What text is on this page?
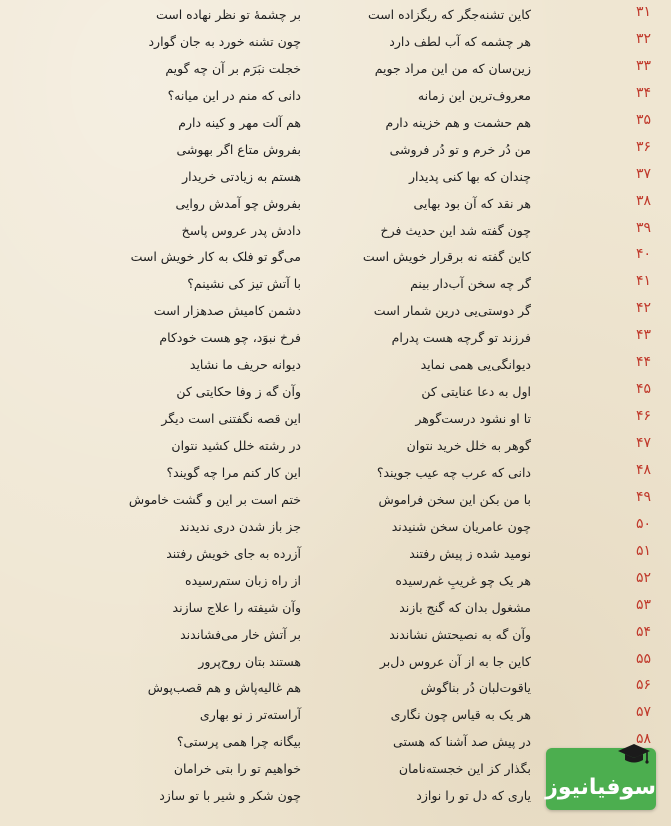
۳۱
کاین تشنه‌جگر که ریگزاده است
بر چشمهٔ تو نظر نهاده است
۳۲
هر چشمه که آب لطف دارد
چون تشنه خورد به جان گوارد
۳۳
زین‌سان که من این مراد جویم
خجلت نبَرَم بر آن چه گویم
۳۴
معروف‌ترین این زمانه
دانی که منم در این میانه؟
۳۵
هم حشمت و هم خزینه دارم
هم آلت مهر و کینه دارم
۳۶
من دُر خرم و تو دُر فروشی
بفروش متاع اگر بهوشی
۳۷
چندان که بها کنی پدیدار
هستم به زیادتی خریدار
۳۸
هر نقد که آن بود بهایی
بفروش چو آمدش روایی
۳۹
چون گفته شد این حدیث فرخ
دادش پدر عروس پاسخ
۴۰
کاین گفته نه برقرار خویش است
می‌گو تو فلک به کار خویش است
۴۱
گر چه سخن آب‌دار بینم
با آتش تیز کی نشینم؟
۴۲
گر دوستی‌یی درین شمار است
دشمن کامیش صدهزار است
۴۳
فرزند تو گرچه هست پدرام
فرخ نبوَد، چو هست خودکام
۴۴
دیوانگی‌یی همی نماید
دیوانه حریف ما نشاید
۴۵
اول به دعا عنایتی کن
وآن گه ز وفا حکایتی کن
۴۶
تا او نشود درست‌گوهر
این قصه نگفتنی است دیگر
۴۷
گوهر به خلل خرید نتوان
در رشته خلل کشید نتوان
۴۸
دانی که عرب چه عیب جویند؟
این کار کنم مرا چه گویند؟
۴۹
با من بکن این سخن فراموش
ختم است بر این و گشت خاموش
۵۰
چون عامریان سخن شنیدند
جز باز شدن دری ندیدند
۵۱
نومید شده ز پیش رفتند
آزرده به جای خویش رفتند
۵۲
هر یک چو غریبِ غم‌رسیده
از راه زبان ستم‌رسیده
۵۳
مشغول بدان که گنج بازند
وآن شیفته را علاج سازند
۵۴
وآن گه به نصیحتش نشاندند
بر آتش خار می‌فشاندند
۵۵
کاین جا به از آن عروس دل‌بر
هستند بتان روح‌پرور
۵۶
یاقوت‌لبان دُر بناگوش
هم غالیه‌پاش و هم قصب‌پوش
۵۷
هر یک به قیاس چون نگاری
آراسته‌تر ز نو بهاری
۵۸
در پیش صد آشنا که هستی
بیگانه چرا همی پرستی؟
بگذار کز این خجسته‌نامان
خواهیم تو را بتی خرامان
یاری که دل تو را نوازد
چون شکر و شیر با تو سازد	سوفیانیوز
